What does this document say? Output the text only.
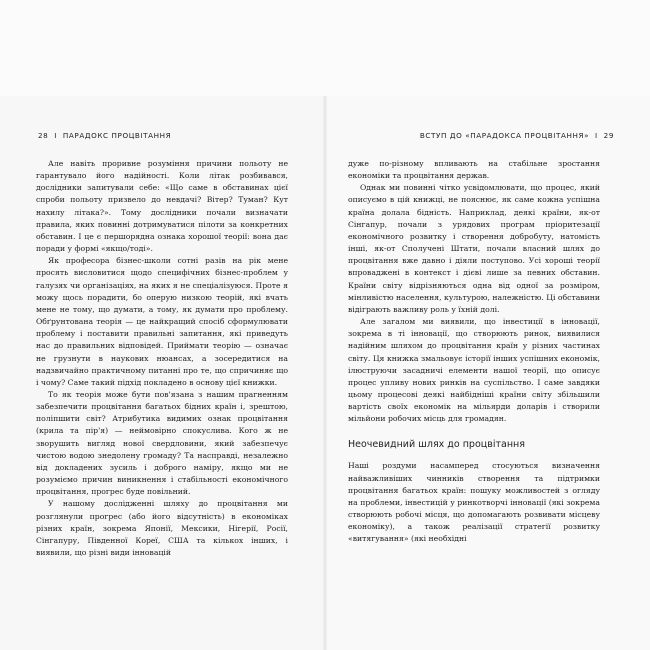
28 I ПАРАДОКС ПРОЦВІТАННЯ	ВСТУП ДО «ПАРАДОКСА ПРОЦВІТАННЯ» I 29

Але навіть проривне розуміння причини польоту не гарантувало його надійності. Коли літак розбивався, дослідники запитували себе: «Що саме в обставинах цієї спроби польоту призвело до невдачі? Вітер? Туман? Кут нахилу літака?». Тому дослідники почали визначати правила, яких повинні дотримуватися пілоти за конкретних обставин. І це є першорядна ознака хорошої теорії: вона дає поради у формі «якщо/тоді».

Як професора бізнес-школи сотні разів на рік мене просять висловитися щодо специфічних бізнес-проблем у галузях чи організаціях, на яких я не спеціалізуюся. Проте я можу щось порадити, бо оперую низкою теорій, які вчать мене не тому, що думати, а тому, як думати про проблему. Обґрунтована теорія — це найкращий спосіб сформулювати проблему і поставити правильні запитання, які приведуть нас до правильних відповідей. Приймати теорію — означає не грузнути в наукових нюансах, а зосередитися на надзвичайно практичному питанні про те, що спричиняє що і чому? Саме такий підхід покладено в основу цієї книжки.

То як теорія може бути пов'язана з нашим прагненням забезпечити процвітання багатьох бідних країн і, зрештою, поліпшити світ? Атрибутика видимих ознак процвітання (крила та пір'я) — неймовірно спокуслива. Кого ж не зворушить вигляд нової свердловини, який забезпечує чистою водою знедолену громаду? Та насправді, незалежно від докладених зусиль і доброго наміру, якщо ми не розуміємо причин виникнення і стабільності економічного процвітання, прогрес буде повільний.

У нашому дослідженні шляху до процвітання ми розглянули прогрес (або його відсутність) в економіках різних країн, зокрема Японії, Мексики, Нігерії, Росії, Сінгапуру, Південної Кореї, США та кількох інших, і виявили, що різні види інновацій

дуже по-різному впливають на стабільне зростання економіки та процвітання держав.

Однак ми повинні чітко усвідомлювати, що процес, який описуємо в цій книжці, не пояснює, як саме кожна успішна країна долала бідність. Наприклад, деякі країни, як-от Сінгапур, почали з урядових програм пріоритезації економічного розвитку і створення добробуту, натомість інші, як-от Сполучені Штати, почали власний шлях до процвітання вже давно і діяли поступово. Усі хороші теорії впроваджені в контекст і дієві лише за певних обставин. Країни світу відрізняються одна від одної за розміром, мінливістю населення, культурою, належністю. Ці обставини відіграють важливу роль у їхній долі.

Але загалом ми виявили, що інвестиції в інновації, зокрема в ті інновації, що створюють ринок, виявилися надійним шляхом до процвітання країн у різних частинах світу. Ця книжка змальовує історії інших успішних економік, ілюструючи засадничі елементи нашої теорії, що описує процес упливу нових ринків на суспільство. І саме завдяки цьому процесові деякі найбідніші країни світу збільшили вартість своїх економік на мільярди доларів і створили мільйони робочих місць для громадян.

Неочевидний шлях до процвітання

Наші роздуми насамперед стосуються визначення найважливіших чинників створення та підтримки процвітання багатьох країн: пошуку можливостей з огляду на проблеми, інвестицій у ринкотворчі інновації (які зокрема створюють робочі місця, що допомагають розвивати місцеву економіку), а також реалізації стратегії розвитку «витягування» (які необхідні
